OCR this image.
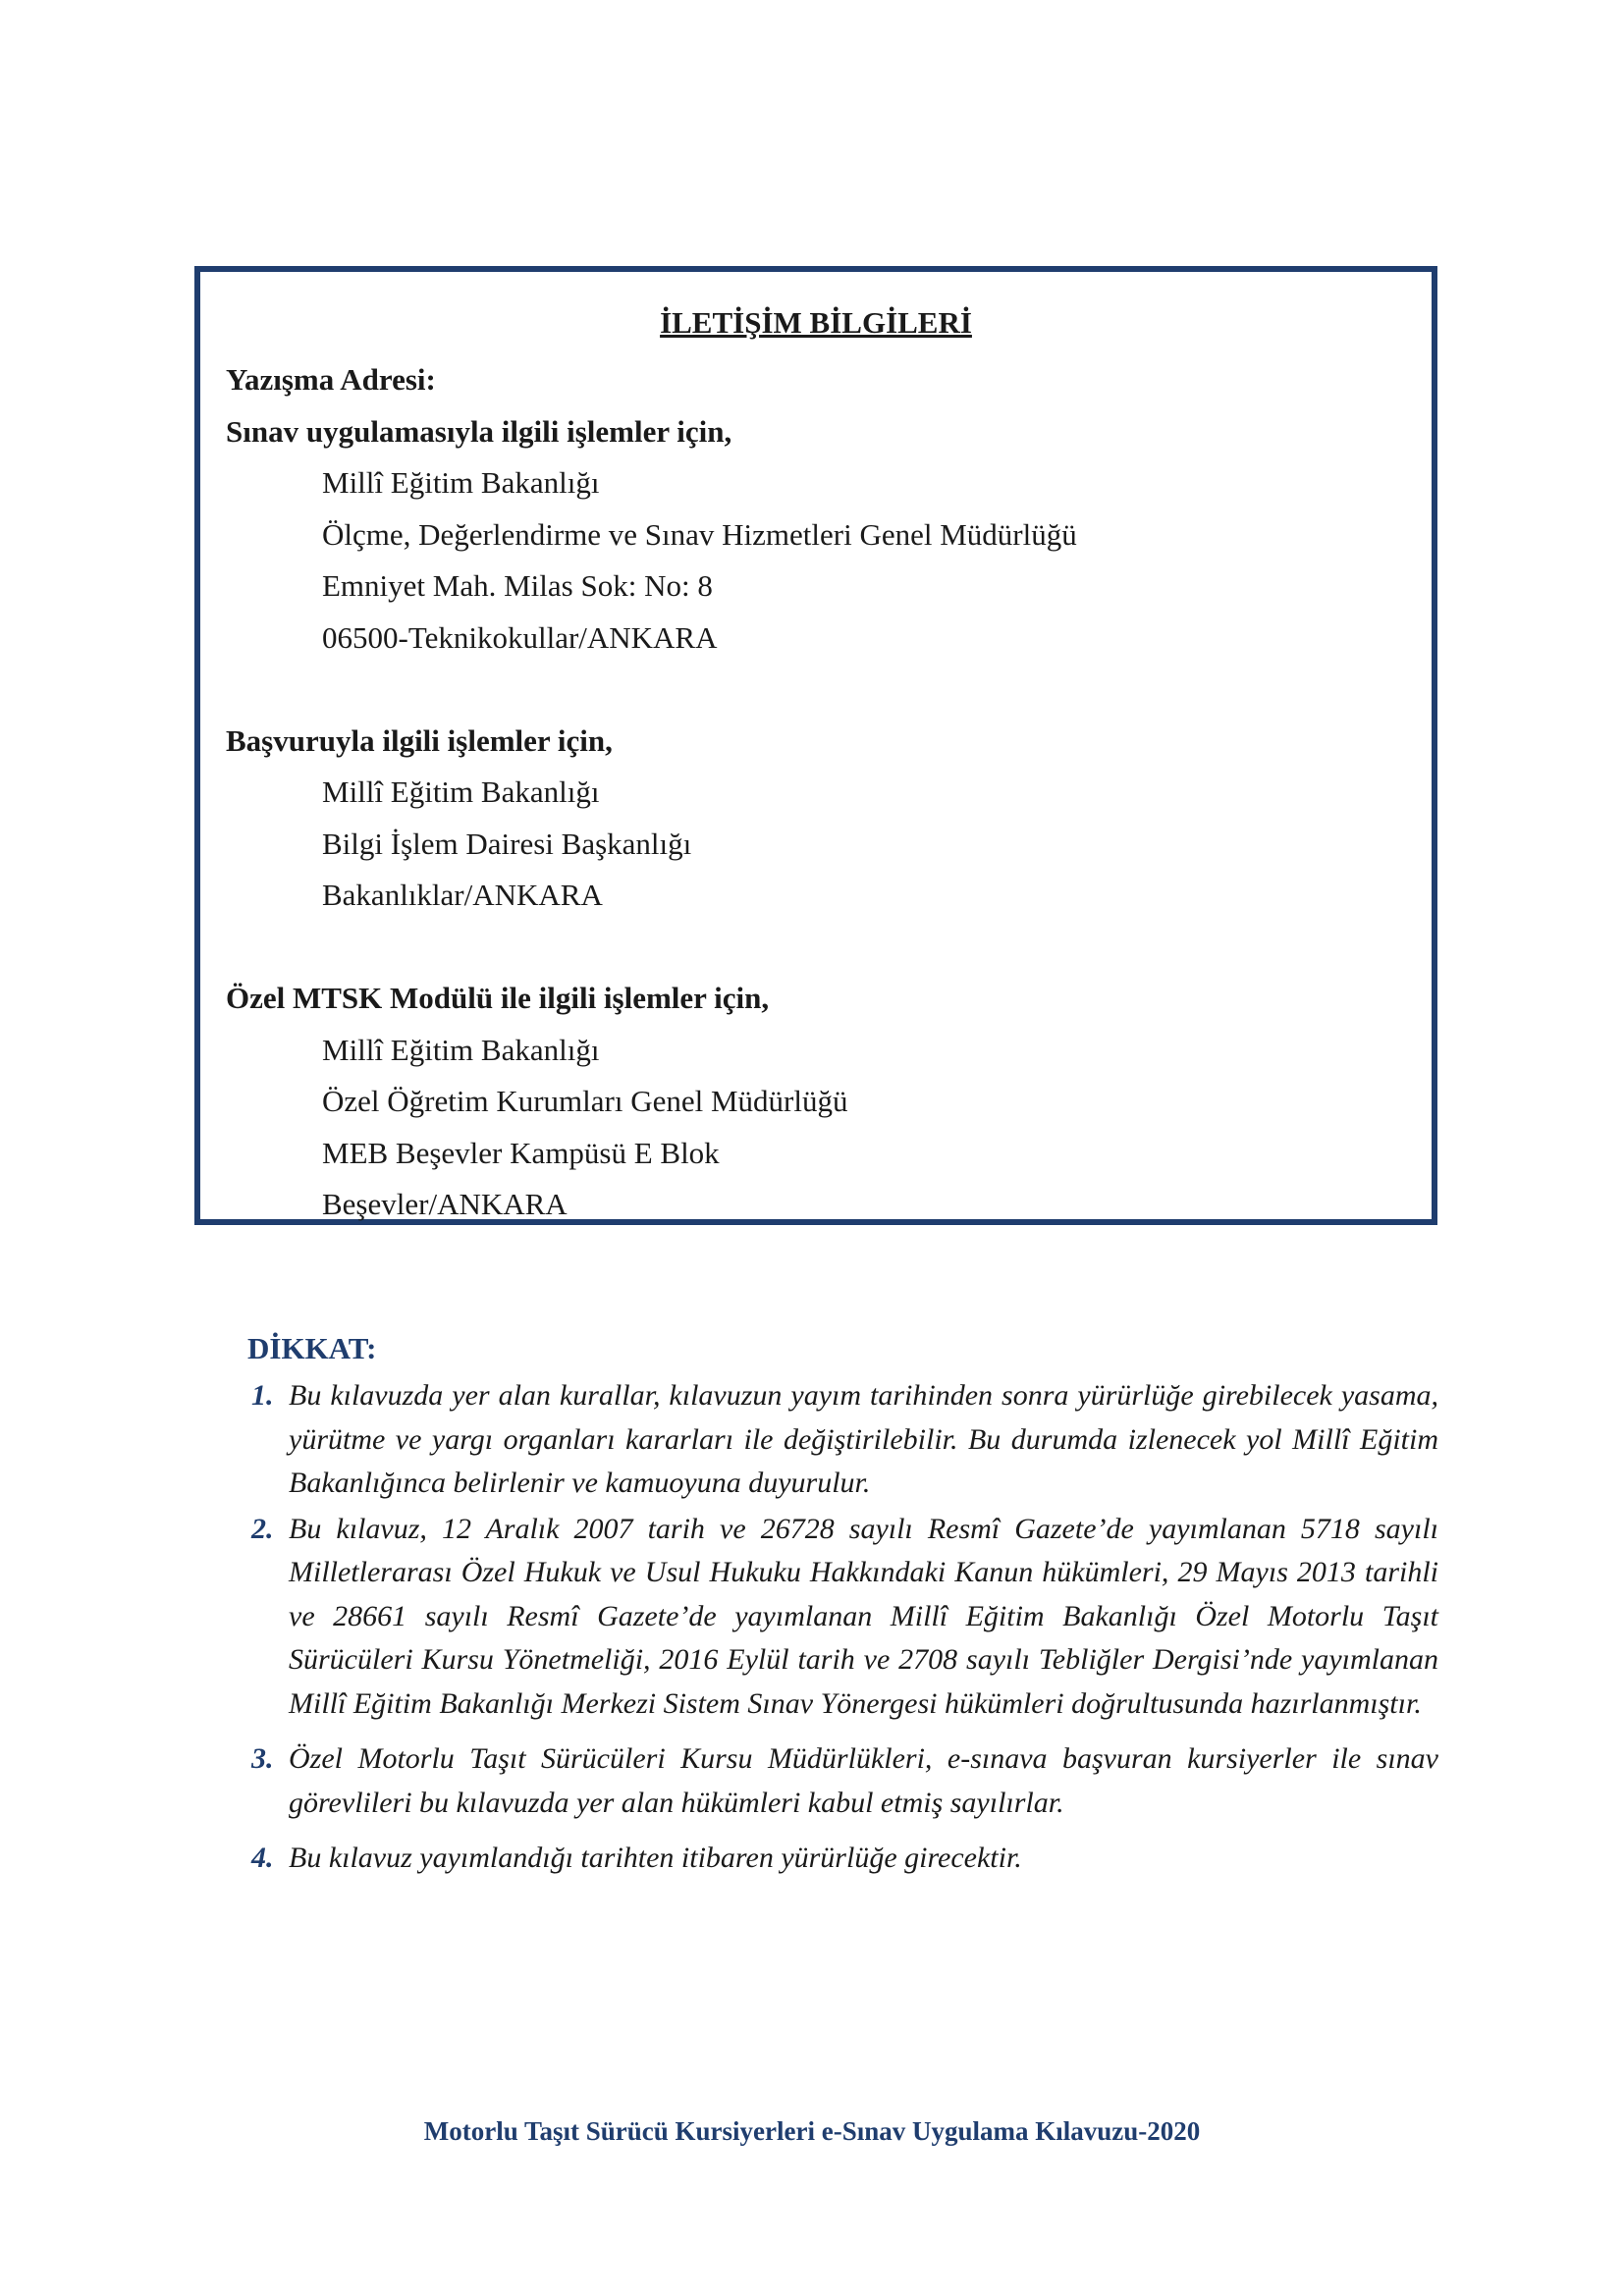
İLETİŞİM BİLGİLERİ
Yazışma Adresi:
Sınav uygulamasıyla ilgili işlemler için,
Millî Eğitim Bakanlığı
Ölçme, Değerlendirme ve Sınav Hizmetleri Genel Müdürlüğü
Emniyet Mah. Milas Sok: No: 8
06500-Teknikokullar/ANKARA
Başvuruyla ilgili işlemler için,
Millî Eğitim Bakanlığı
Bilgi İşlem Dairesi Başkanlığı
Bakanlıklar/ANKARA
Özel MTSK Modülü ile ilgili işlemler için,
Millî Eğitim Bakanlığı
Özel Öğretim Kurumları Genel Müdürlüğü
MEB Beşevler Kampüsü E Blok
Beşevler/ANKARA
DİKKAT:
1. Bu kılavuzda yer alan kurallar, kılavuzun yayım tarihinden sonra yürürlüğe girebilecek yasama, yürütme ve yargı organları kararları ile değiştirilebilir. Bu durumda izlenecek yol Millî Eğitim Bakanlığınca belirlenir ve kamuoyuna duyurulur.
2. Bu kılavuz, 12 Aralık 2007 tarih ve 26728 sayılı Resmî Gazete’de yayımlanan 5718 sayılı Milletlerarası Özel Hukuk ve Usul Hukuku Hakkındaki Kanun hükümleri, 29 Mayıs 2013 tarihli ve 28661 sayılı Resmî Gazete’de yayımlanan Millî Eğitim Bakanlığı Özel Motorlu Taşıt Sürücüleri Kursu Yönetmeliği, 2016 Eylül tarih ve 2708 sayılı Tebliğler Dergisi’nde yayımlanan Millî Eğitim Bakanlığı Merkezi Sistem Sınav Yönergesi hükümleri doğrultusunda hazırlanmıştır.
3. Özel Motorlu Taşıt Sürücüleri Kursu Müdürlükleri, e-sınava başvuran kursiyerler ile sınav görevlileri bu kılavuzda yer alan hükümleri kabul etmiş sayılırlar.
4. Bu kılavuz yayımlandığı tarihten itibaren yürürlüğe girecektir.
Motorlu Taşıt Sürücü Kursiyerleri e-Sınav Uygulama Kılavuzu-2020
